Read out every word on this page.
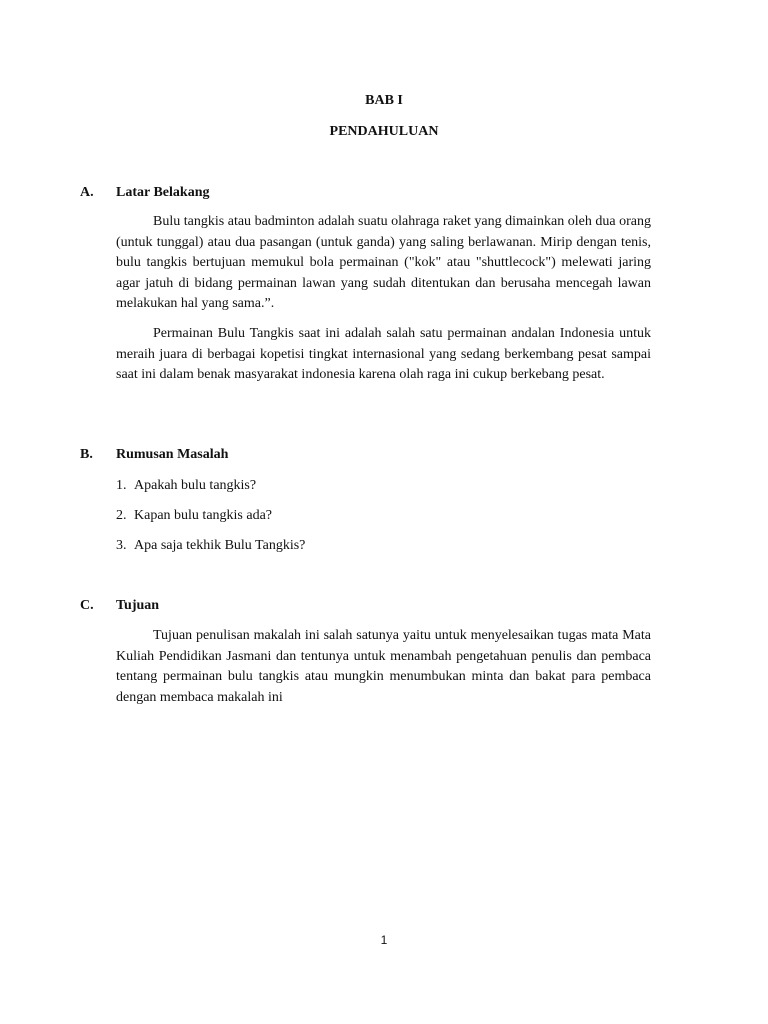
BAB I
PENDAHULUAN
A. Latar Belakang

Bulu tangkis atau badminton adalah suatu olahraga raket yang dimainkan oleh dua orang (untuk tunggal) atau dua pasangan (untuk ganda) yang saling berlawanan. Mirip dengan tenis, bulu tangkis bertujuan memukul bola permainan ("kok" atau "shuttlecock") melewati jaring agar jatuh di bidang permainan lawan yang sudah ditentukan dan berusaha mencegah lawan melakukan hal yang sama.”.

Permainan Bulu Tangkis saat ini adalah salah satu permainan andalan Indonesia untuk meraih juara di berbagai kopetisi tingkat internasional yang sedang berkembang pesat sampai saat ini dalam benak masyarakat indonesia karena olah raga ini cukup berkebang pesat.

B. Rumusan Masalah
1. Apakah bulu tangkis?
2. Kapan bulu tangkis ada?
3. Apa saja tekhik Bulu Tangkis?
C. Tujuan

Tujuan penulisan makalah ini salah satunya yaitu untuk menyelesaikan tugas mata Mata Kuliah Pendidikan Jasmani dan tentunya untuk menambah pengetahuan penulis dan pembaca tentang permainan bulu tangkis atau mungkin menumbukan minta dan bakat para pembaca dengan membaca makalah ini

1
